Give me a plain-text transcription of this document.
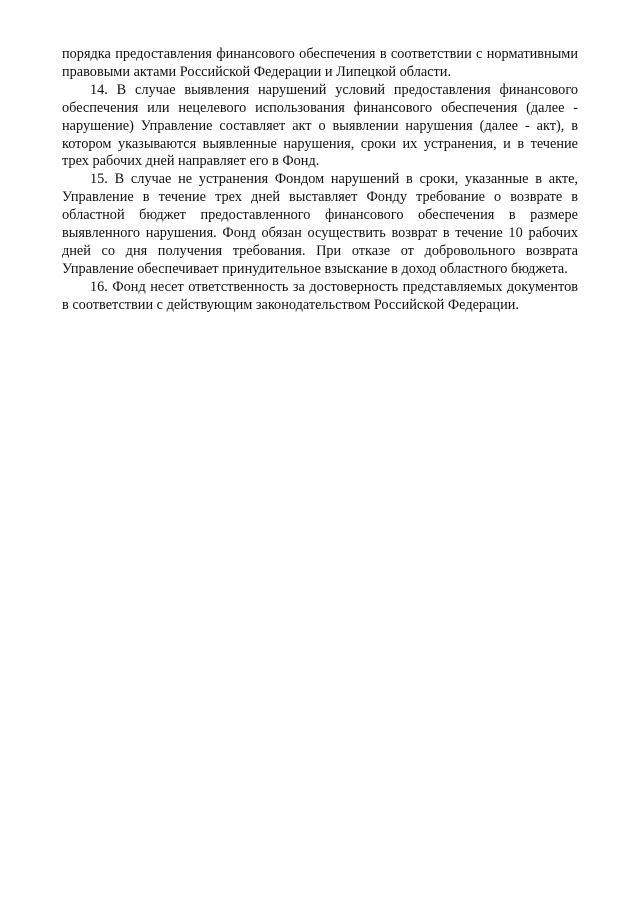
порядка предоставления финансового обеспечения в соответствии с нормативными правовыми актами Российской Федерации и Липецкой области.

14. В случае выявления нарушений условий предоставления финансового обеспечения или нецелевого использования финансового обеспечения (далее - нарушение) Управление составляет акт о выявлении нарушения (далее - акт), в котором указываются выявленные нарушения, сроки их устранения, и в течение трех рабочих дней направляет его в Фонд.

15. В случае не устранения Фондом нарушений в сроки, указанные в акте, Управление в течение трех дней выставляет Фонду требование о возврате в областной бюджет предоставленного финансового обеспечения в размере выявленного нарушения. Фонд обязан осуществить возврат в течение 10 рабочих дней со дня получения требования. При отказе от добровольного возврата Управление обеспечивает принудительное взыскание в доход областного бюджета.

16. Фонд несет ответственность за достоверность представляемых документов в соответствии с действующим законодательством Российской Федерации.
